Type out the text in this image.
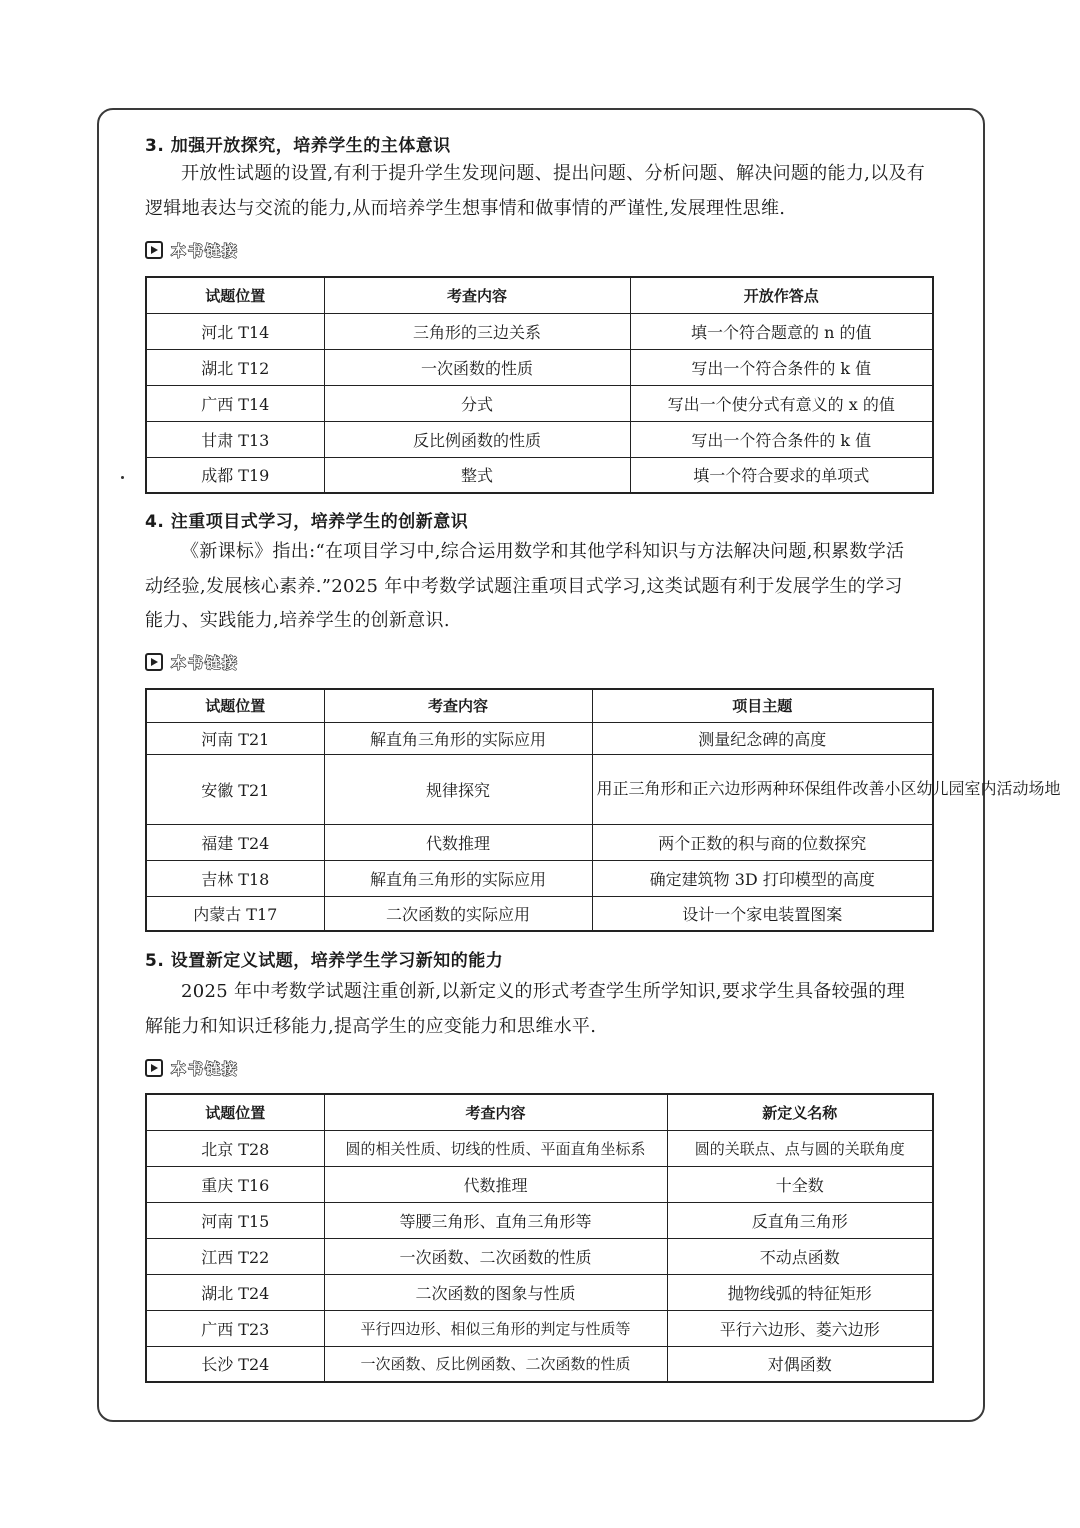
3. 加强开放探究，培养学生的主体意识
开放性试题的设置,有利于提升学生发现问题、提出问题、分析问题、解决问题的能力,以及有
逻辑地表达与交流的能力,从而培养学生想事情和做事情的严谨性,发展理性思维.
本书链接
试题位置	考查内容	开放作答点
河北 T14	三角形的三边关系	填一个符合题意的 n 的值
湖北 T12	一次函数的性质	写出一个符合条件的 k 值
广西 T14	分式	写出一个使分式有意义的 x 的值
甘肃 T13	反比例函数的性质	写出一个符合条件的 k 值
成都 T19	整式	填一个符合要求的单项式
4. 注重项目式学习，培养学生的创新意识
《新课标》指出:“在项目学习中,综合运用数学和其他学科知识与方法解决问题,积累数学活
动经验,发展核心素养.”2025 年中考数学试题注重项目式学习,这类试题有利于发展学生的学习
能力、实践能力,培养学生的创新意识.
本书链接
试题位置	考查内容	项目主题
河南 T21	解直角三角形的实际应用	测量纪念碑的高度
安徽 T21	规律探究	用正三角形和正六边形两种环保组件改善小区幼儿园室内活动场地
福建 T24	代数推理	两个正数的积与商的位数探究
吉林 T18	解直角三角形的实际应用	确定建筑物 3D 打印模型的高度
内蒙古 T17	二次函数的实际应用	设计一个家电装置图案
5. 设置新定义试题，培养学生学习新知的能力
2025 年中考数学试题注重创新,以新定义的形式考查学生所学知识,要求学生具备较强的理
解能力和知识迁移能力,提高学生的应变能力和思维水平.
本书链接
试题位置	考查内容	新定义名称
北京 T28	圆的相关性质、切线的性质、平面直角坐标系	圆的关联点、点与圆的关联角度
重庆 T16	代数推理	十全数
河南 T15	等腰三角形、直角三角形等	反直角三角形
江西 T22	一次函数、二次函数的性质	不动点函数
湖北 T24	二次函数的图象与性质	抛物线弧的特征矩形
广西 T23	平行四边形、相似三角形的判定与性质等	平行六边形、菱六边形
长沙 T24	一次函数、反比例函数、二次函数的性质	对偶函数
